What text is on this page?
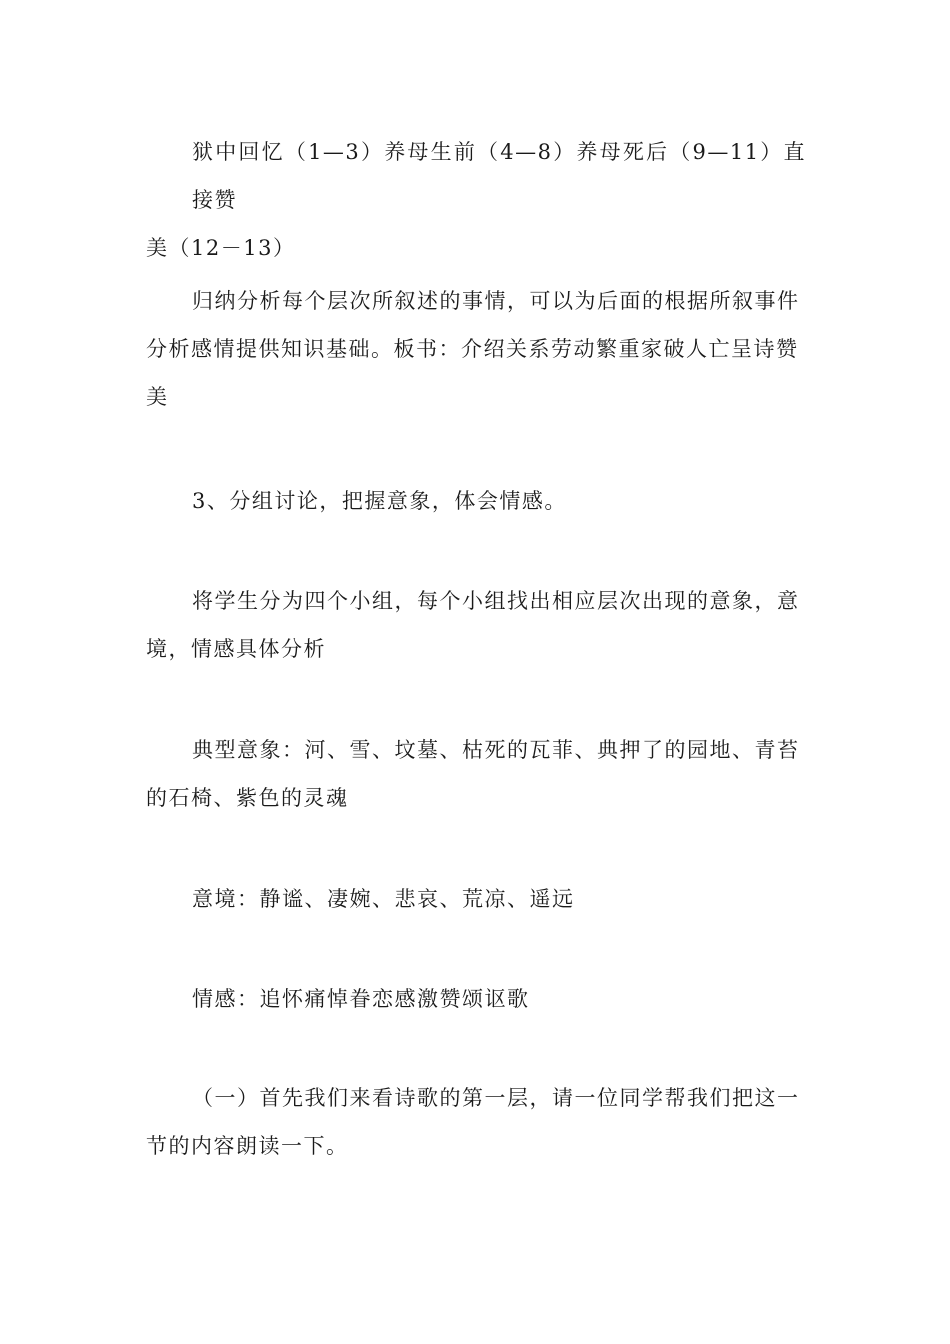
狱中回忆（1—3）养母生前（4—8）养母死后（9—11）直接赞
美（12－13）

归纳分析每个层次所叙述的事情，可以为后面的根据所叙事件
分析感情提供知识基础。板书：介绍关系劳动繁重家破人亡呈诗赞
美

3、分组讨论，把握意象，体会情感。

将学生分为四个小组，每个小组找出相应层次出现的意象，意
境，情感具体分析

典型意象：河、雪、坟墓、枯死的瓦菲、典押了的园地、青苔
的石椅、紫色的灵魂

意境：静谧、凄婉、悲哀、荒凉、遥远

情感：追怀痛悼眷恋感激赞颂讴歌

（一）首先我们来看诗歌的第一层，请一位同学帮我们把这一
节的内容朗读一下。
